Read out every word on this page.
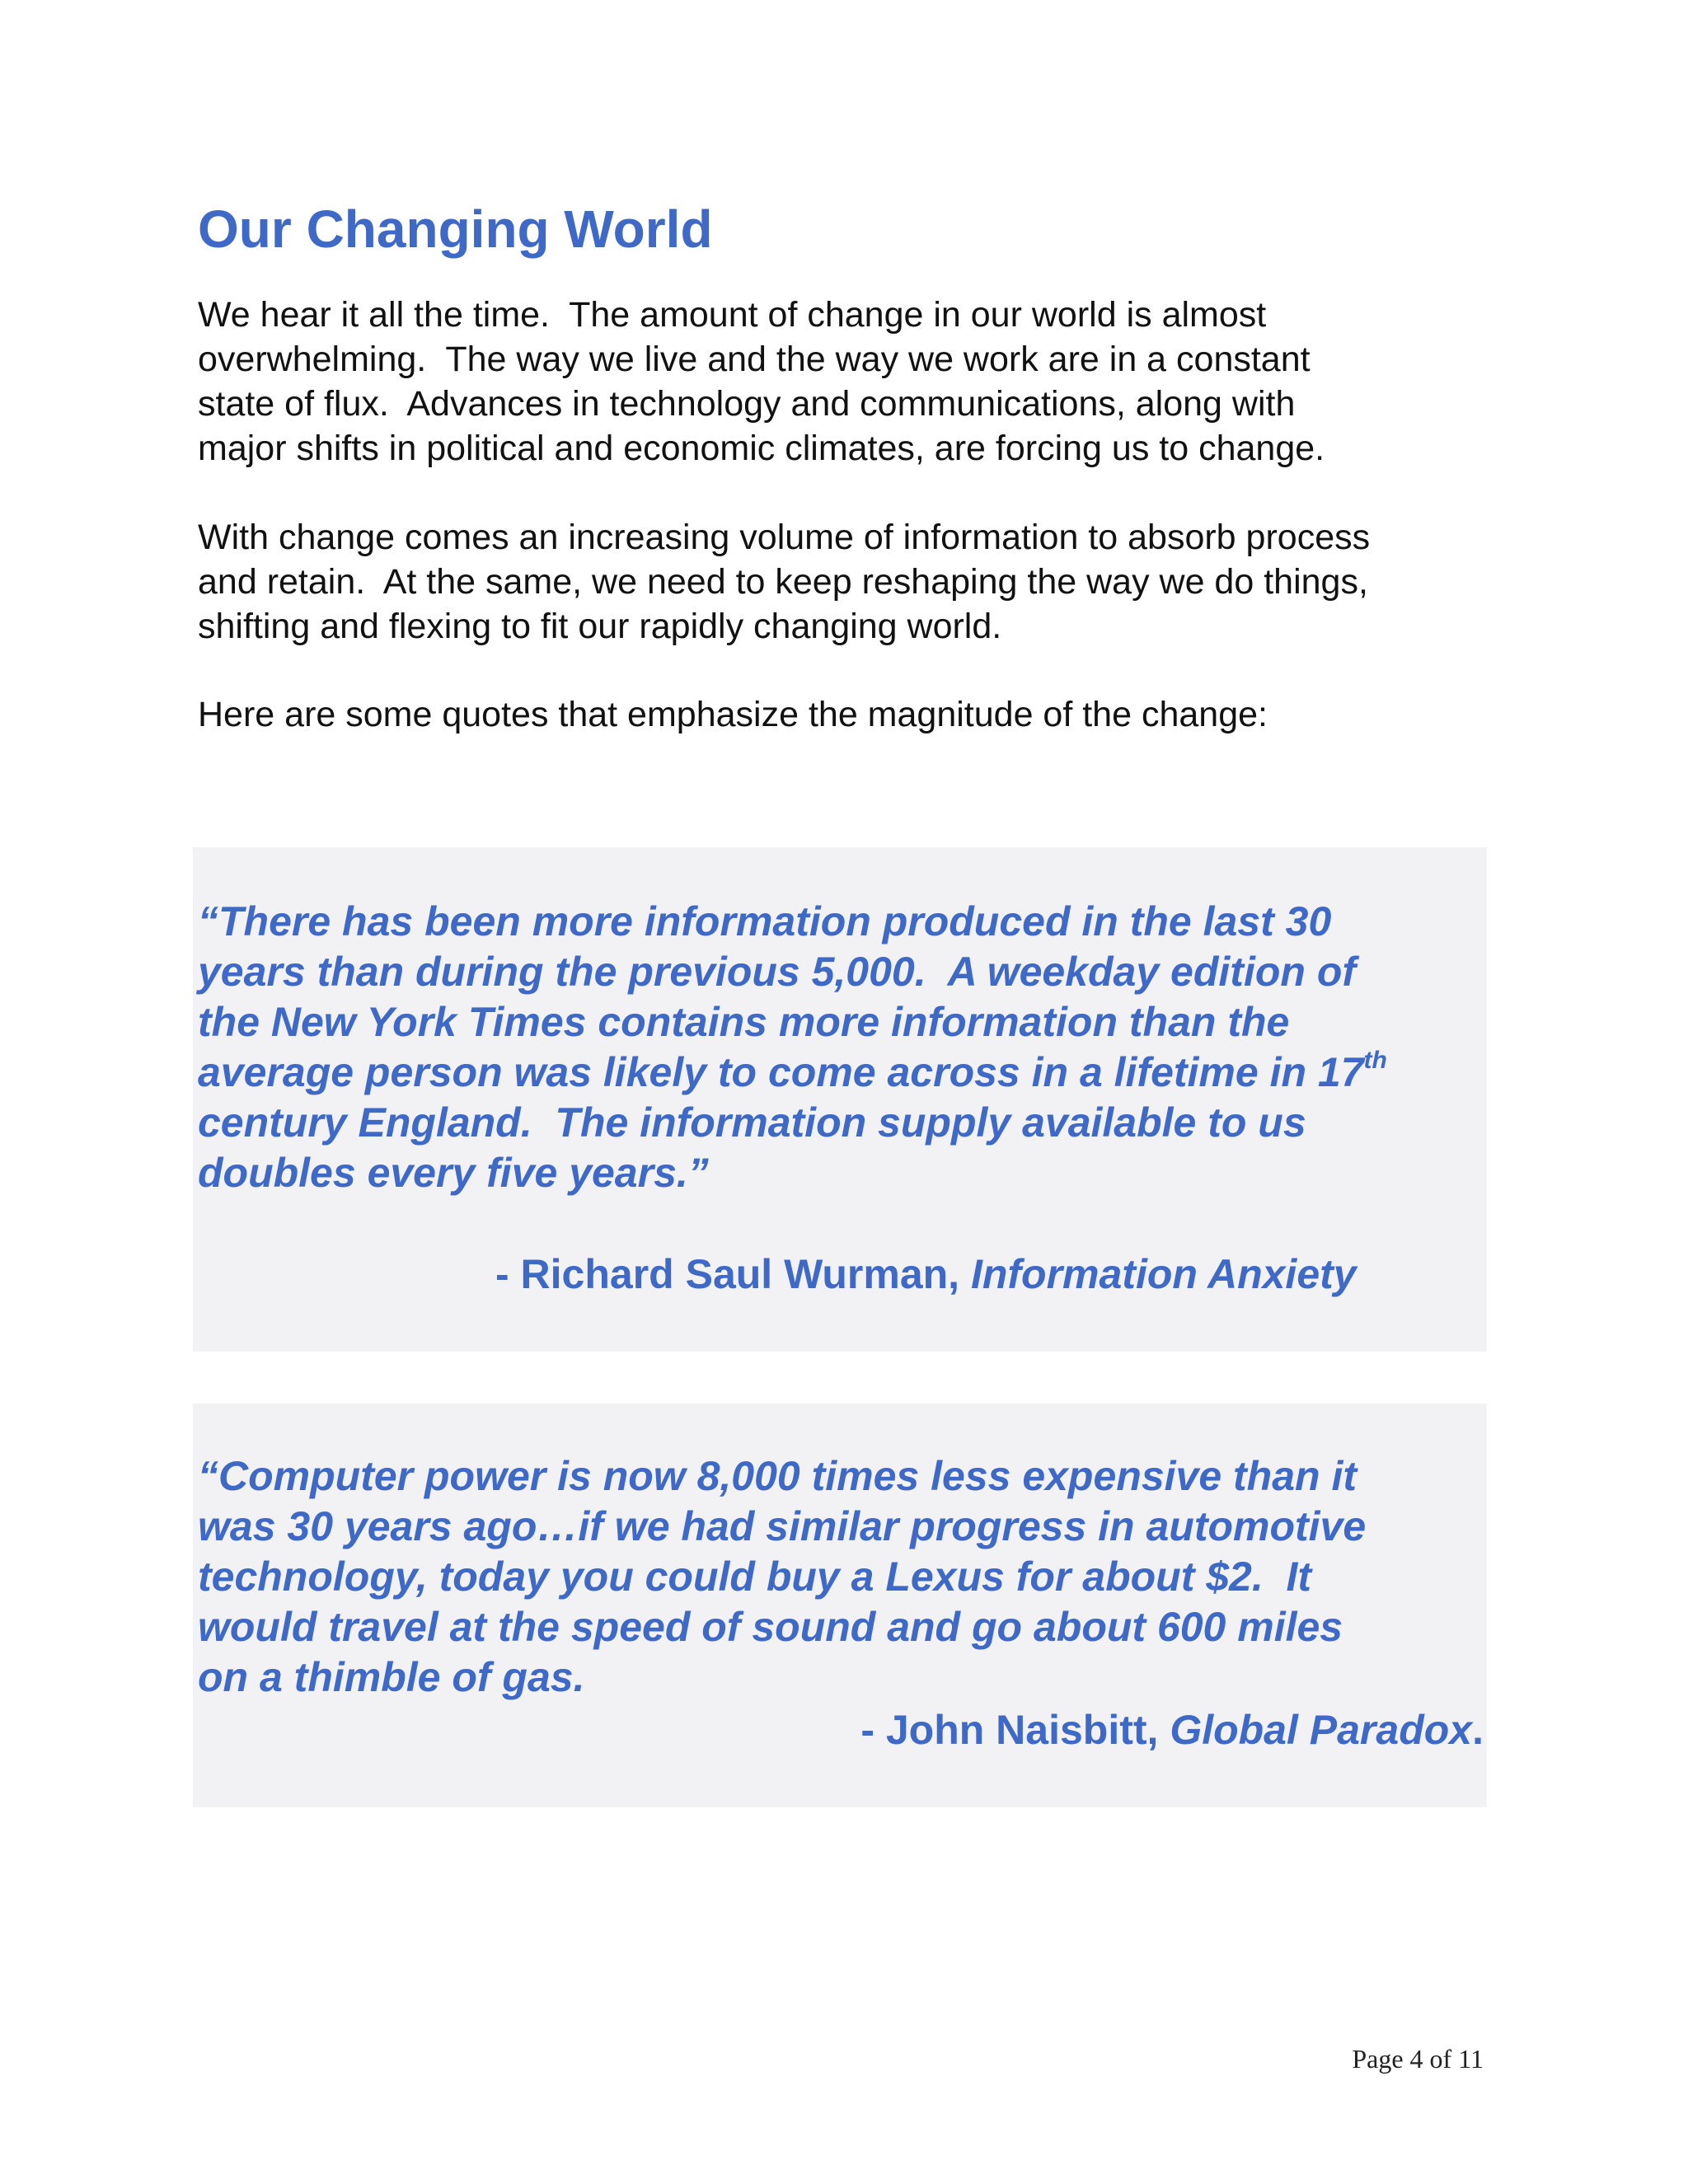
Our Changing World
We hear it all the time.  The amount of change in our world is almost
overwhelming.  The way we live and the way we work are in a constant
state of flux.  Advances in technology and communications, along with
major shifts in political and economic climates, are forcing us to change.
With change comes an increasing volume of information to absorb process
and retain.  At the same, we need to keep reshaping the way we do things,
shifting and flexing to fit our rapidly changing world.
Here are some quotes that emphasize the magnitude of the change:
“There has been more information produced in the last 30
years than during the previous 5,000.  A weekday edition of
the New York Times contains more information than the
average person was likely to come across in a lifetime in 17th
century England.  The information supply available to us
doubles every five years.”
- Richard Saul Wurman, Information Anxiety
“Computer power is now 8,000 times less expensive than it
was 30 years ago…if we had similar progress in automotive
technology, today you could buy a Lexus for about $2.  It
would travel at the speed of sound and go about 600 miles
on a thimble of gas.
- John Naisbitt, Global Paradox.
Page 4 of 11
